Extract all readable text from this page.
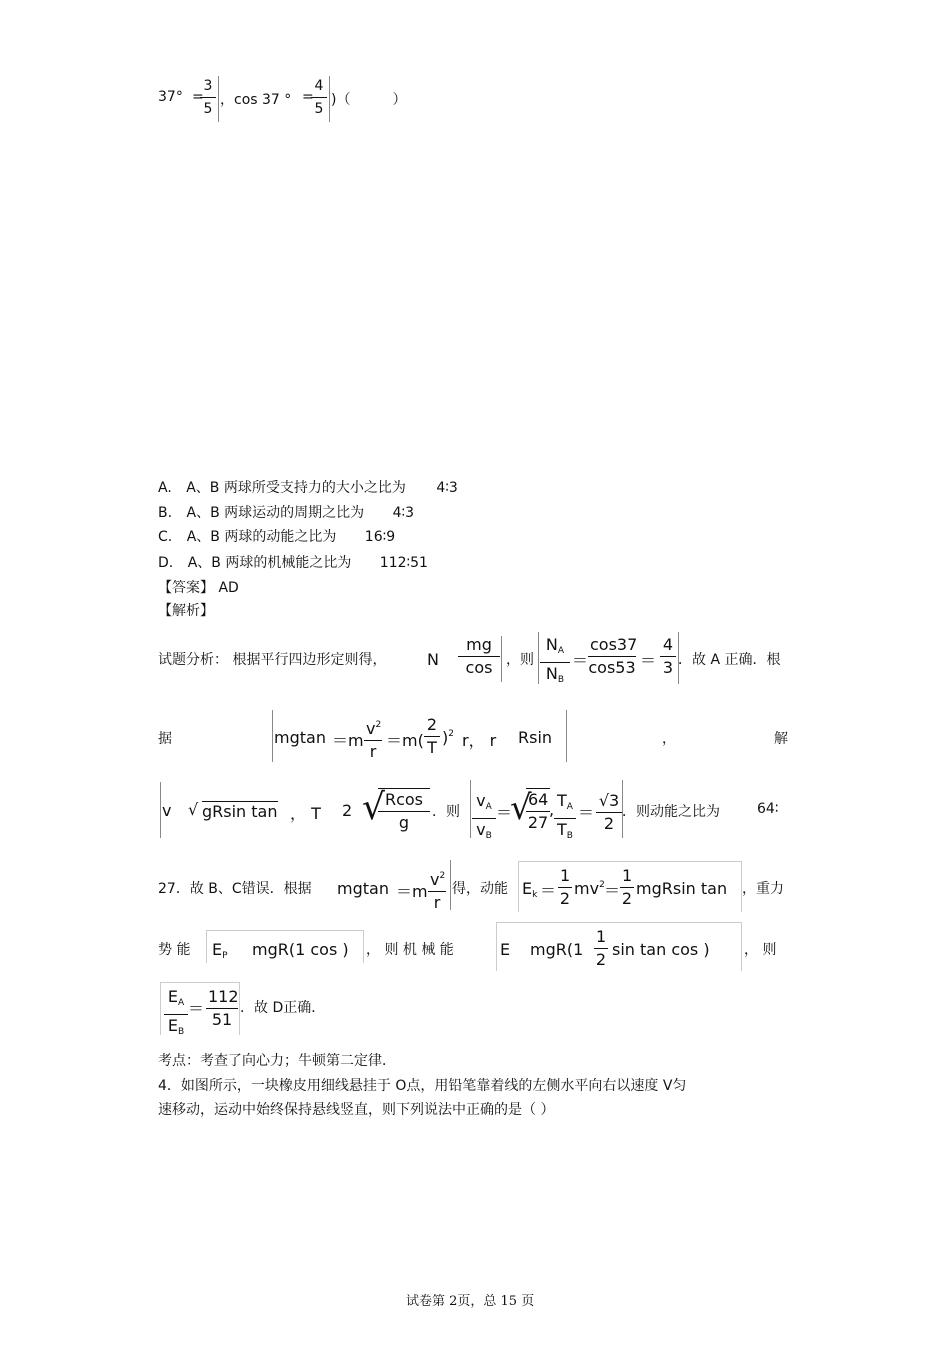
37° =
$\frac{3}{5}$ ，cos 37 ° =
$\frac{4}{5}$ )（　　　）
A. A、B 两球所受支持力的大小之比为 4∶3
B. A、B 两球运动的周期之比为 4∶3
C. A、B 两球的动能之比为 16∶9
D. A、B 两球的机械能之比为 112∶51
【答案】 AD
【解析】
试题分析： 根据平行四边形定则得，	N $\frac{mg}{\cos}$ ，则 $\frac{N_A}{N_B} = \frac{\cos 37}{\cos 53} = \frac{4}{3}$ ．故 A 正确．根
据	$mgtan =m \frac{v^2}{r} =m( \frac{2}{T} )^2$ r， r Rsin	，	解
v √ gRsin tan ， T 2 √
$\frac{Rcos}{g}$ ．则 $\frac{v_A}{v_B}$ ＝
√
$\frac{64}{27}$ , $\frac{T_A}{T_B} = \frac{√3}{2}$ ．则动能之比为	64∶
27．故 B、C错误．根据 $mgtan =m \frac{v^2}{r}$ 得，动能 $E_k = \frac{1}{2} mv^2 = \frac{1}{2}$ mgRsin tan ，重力
势 能 $E_P$ mgR(1 cos ) ， 则 机 械 能	E $mgR(1 \frac{1}{2}$ sin tan cos ) ， 则
$\frac{E_A}{E_B} = \frac{112}{51}$ ．故 D正确．
考点：考查了向心力；牛顿第二定律．
4．如图所示，一块橡皮用细线悬挂于 O点，用铅笔靠着线的左侧水平向右以速度 V匀
速移动，运动中始终保持悬线竖直，则下列说法中正确的是（ ）
试卷第 2页，总 15 页
